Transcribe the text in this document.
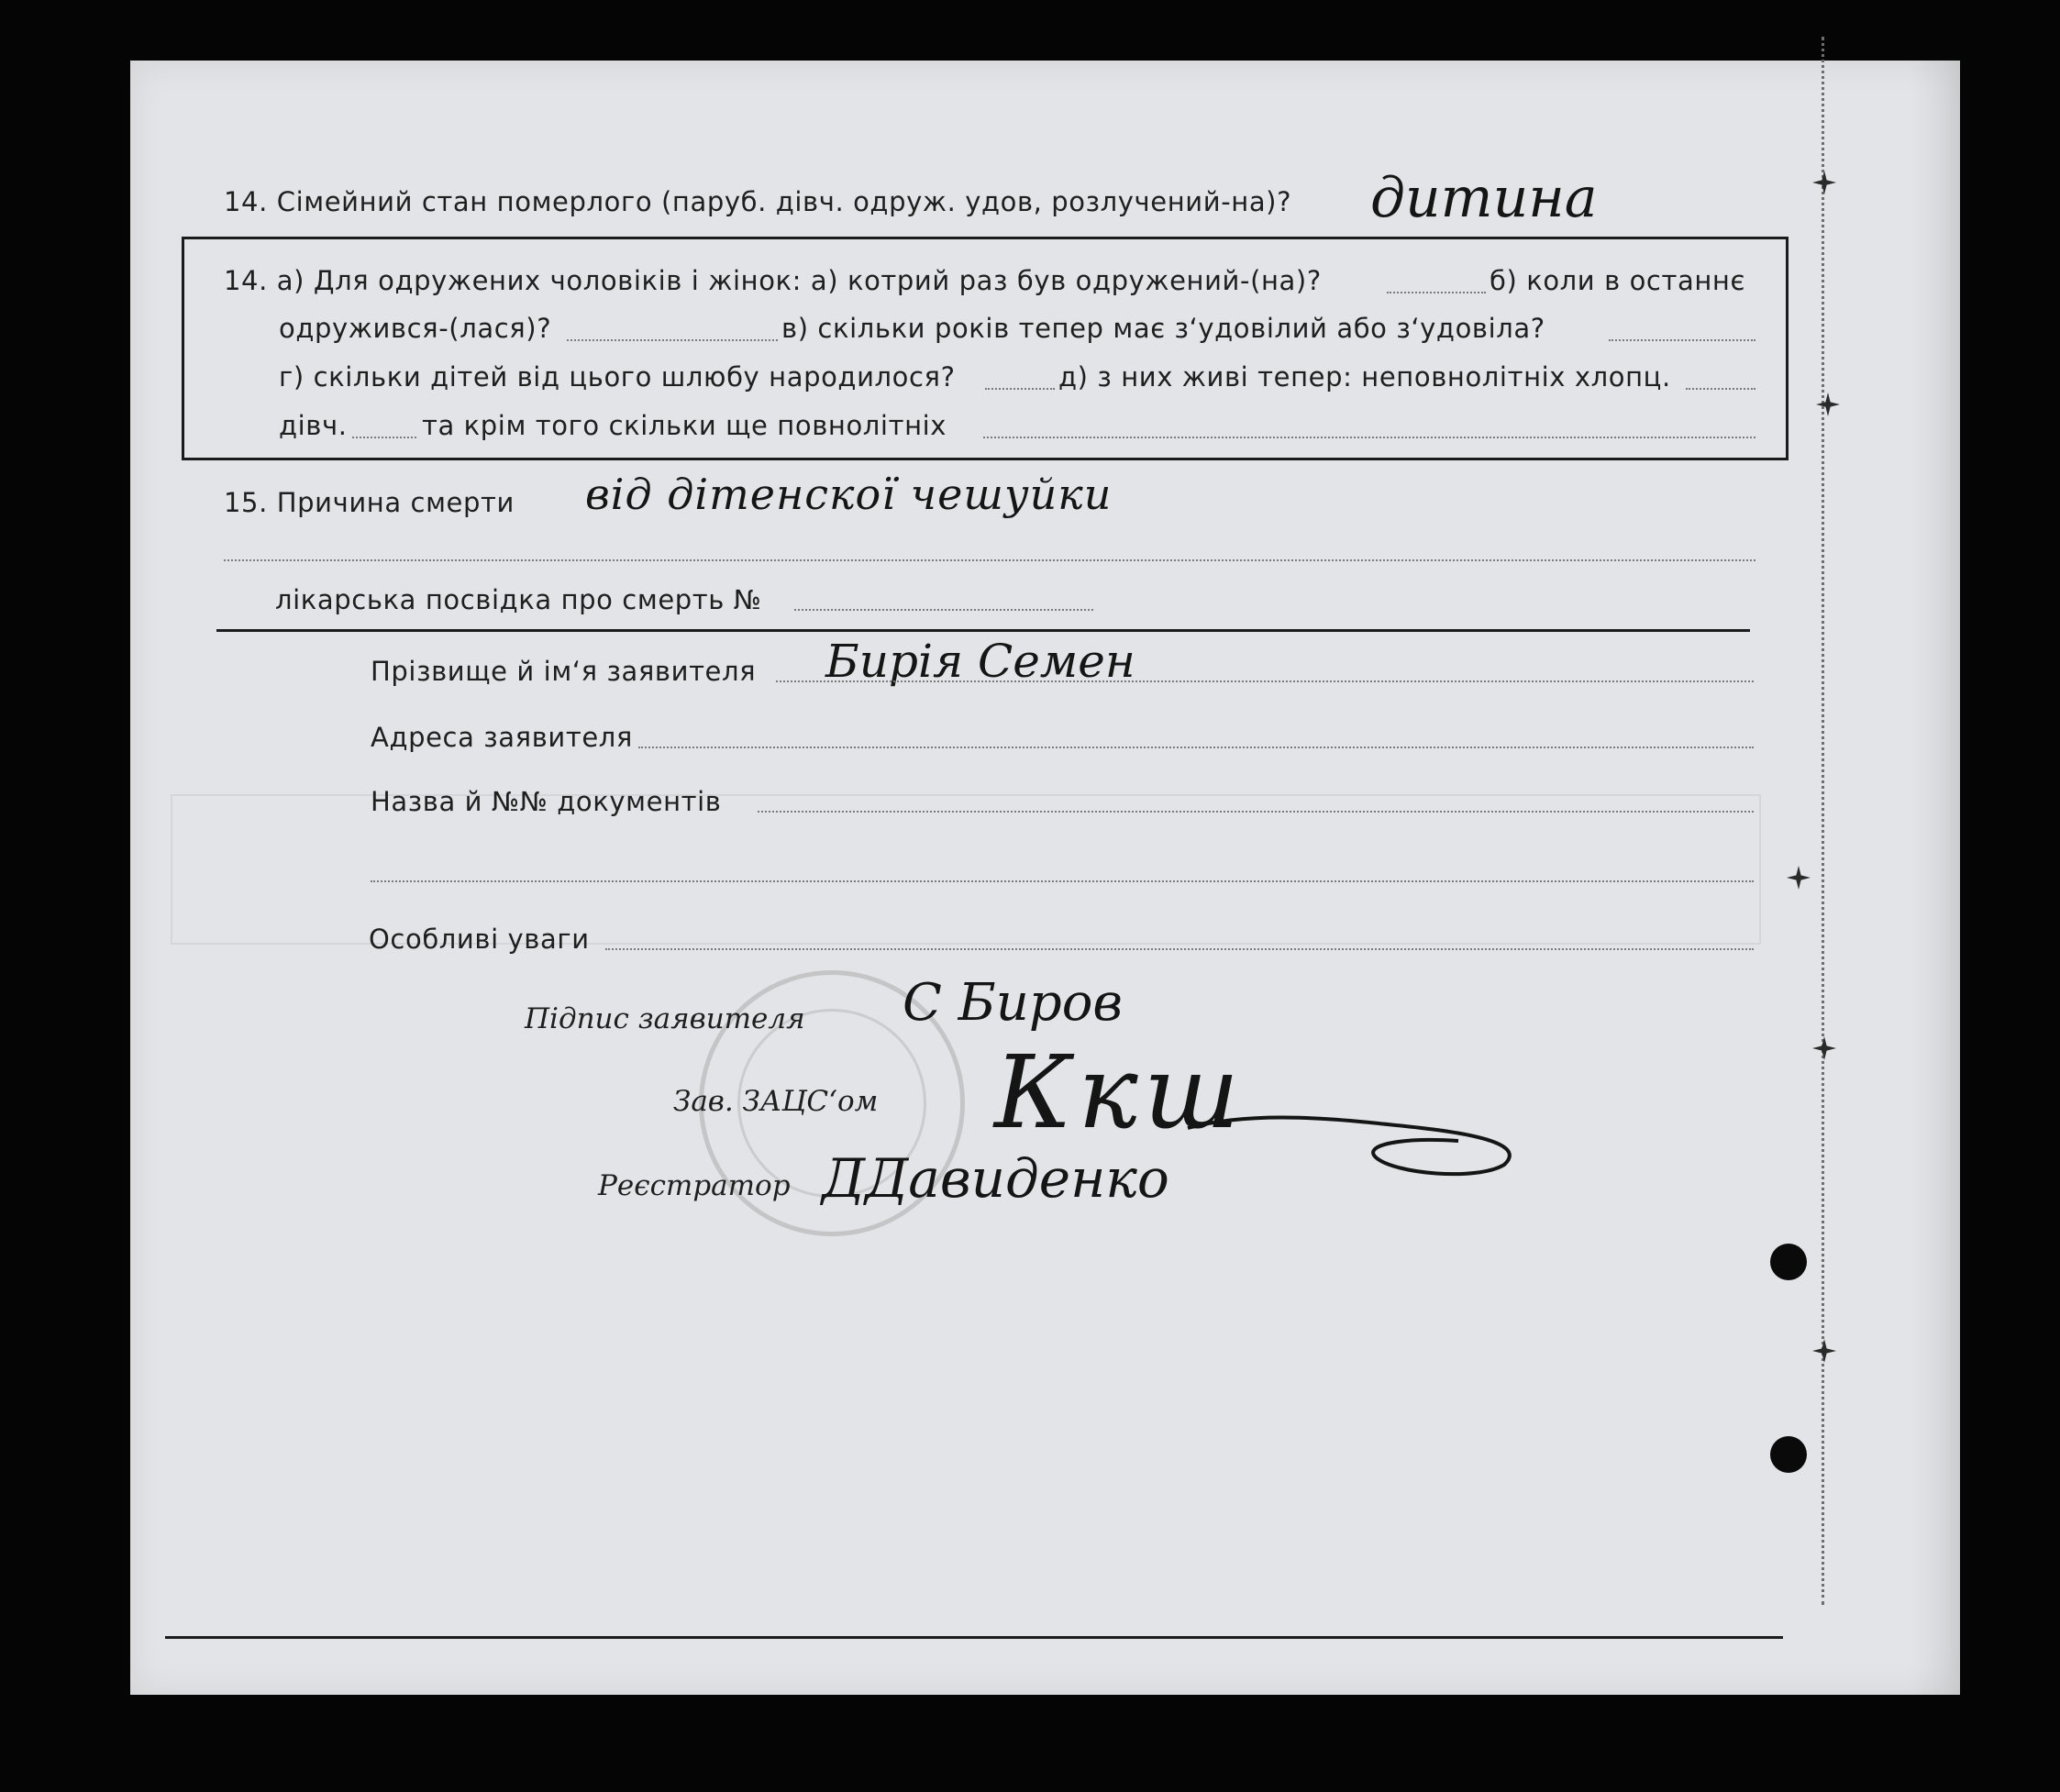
14. Сімейний стан померлого (паруб. дівч. одруж. удов, розлучений-на)? дитина
14. а) Для одружених чоловіків і жінок: а) котрий раз був одружений-(на)?	б) коли в останнє
одружився-(лася)?	в) скільки років тепер має з‘удовілий або з‘удовіла?
г) скільки дітей від цього шлюбу народилося?	д) з них живі тепер: неповнолітніх хлопц.
дівч.	та крім того скільки ще повнолітніх
15. Причина смерти від дітенскої чешуйки
лікарська посвідка про смерть №
Прізвище й ім‘я заявителя Бирія Семен
Адреса заявителя
Назва й №№ документів
Особливі уваги
Підпис заявителя С Биров
Зав. ЗАЦС‘ом Ккш
Реєстратор ДДавиденко
